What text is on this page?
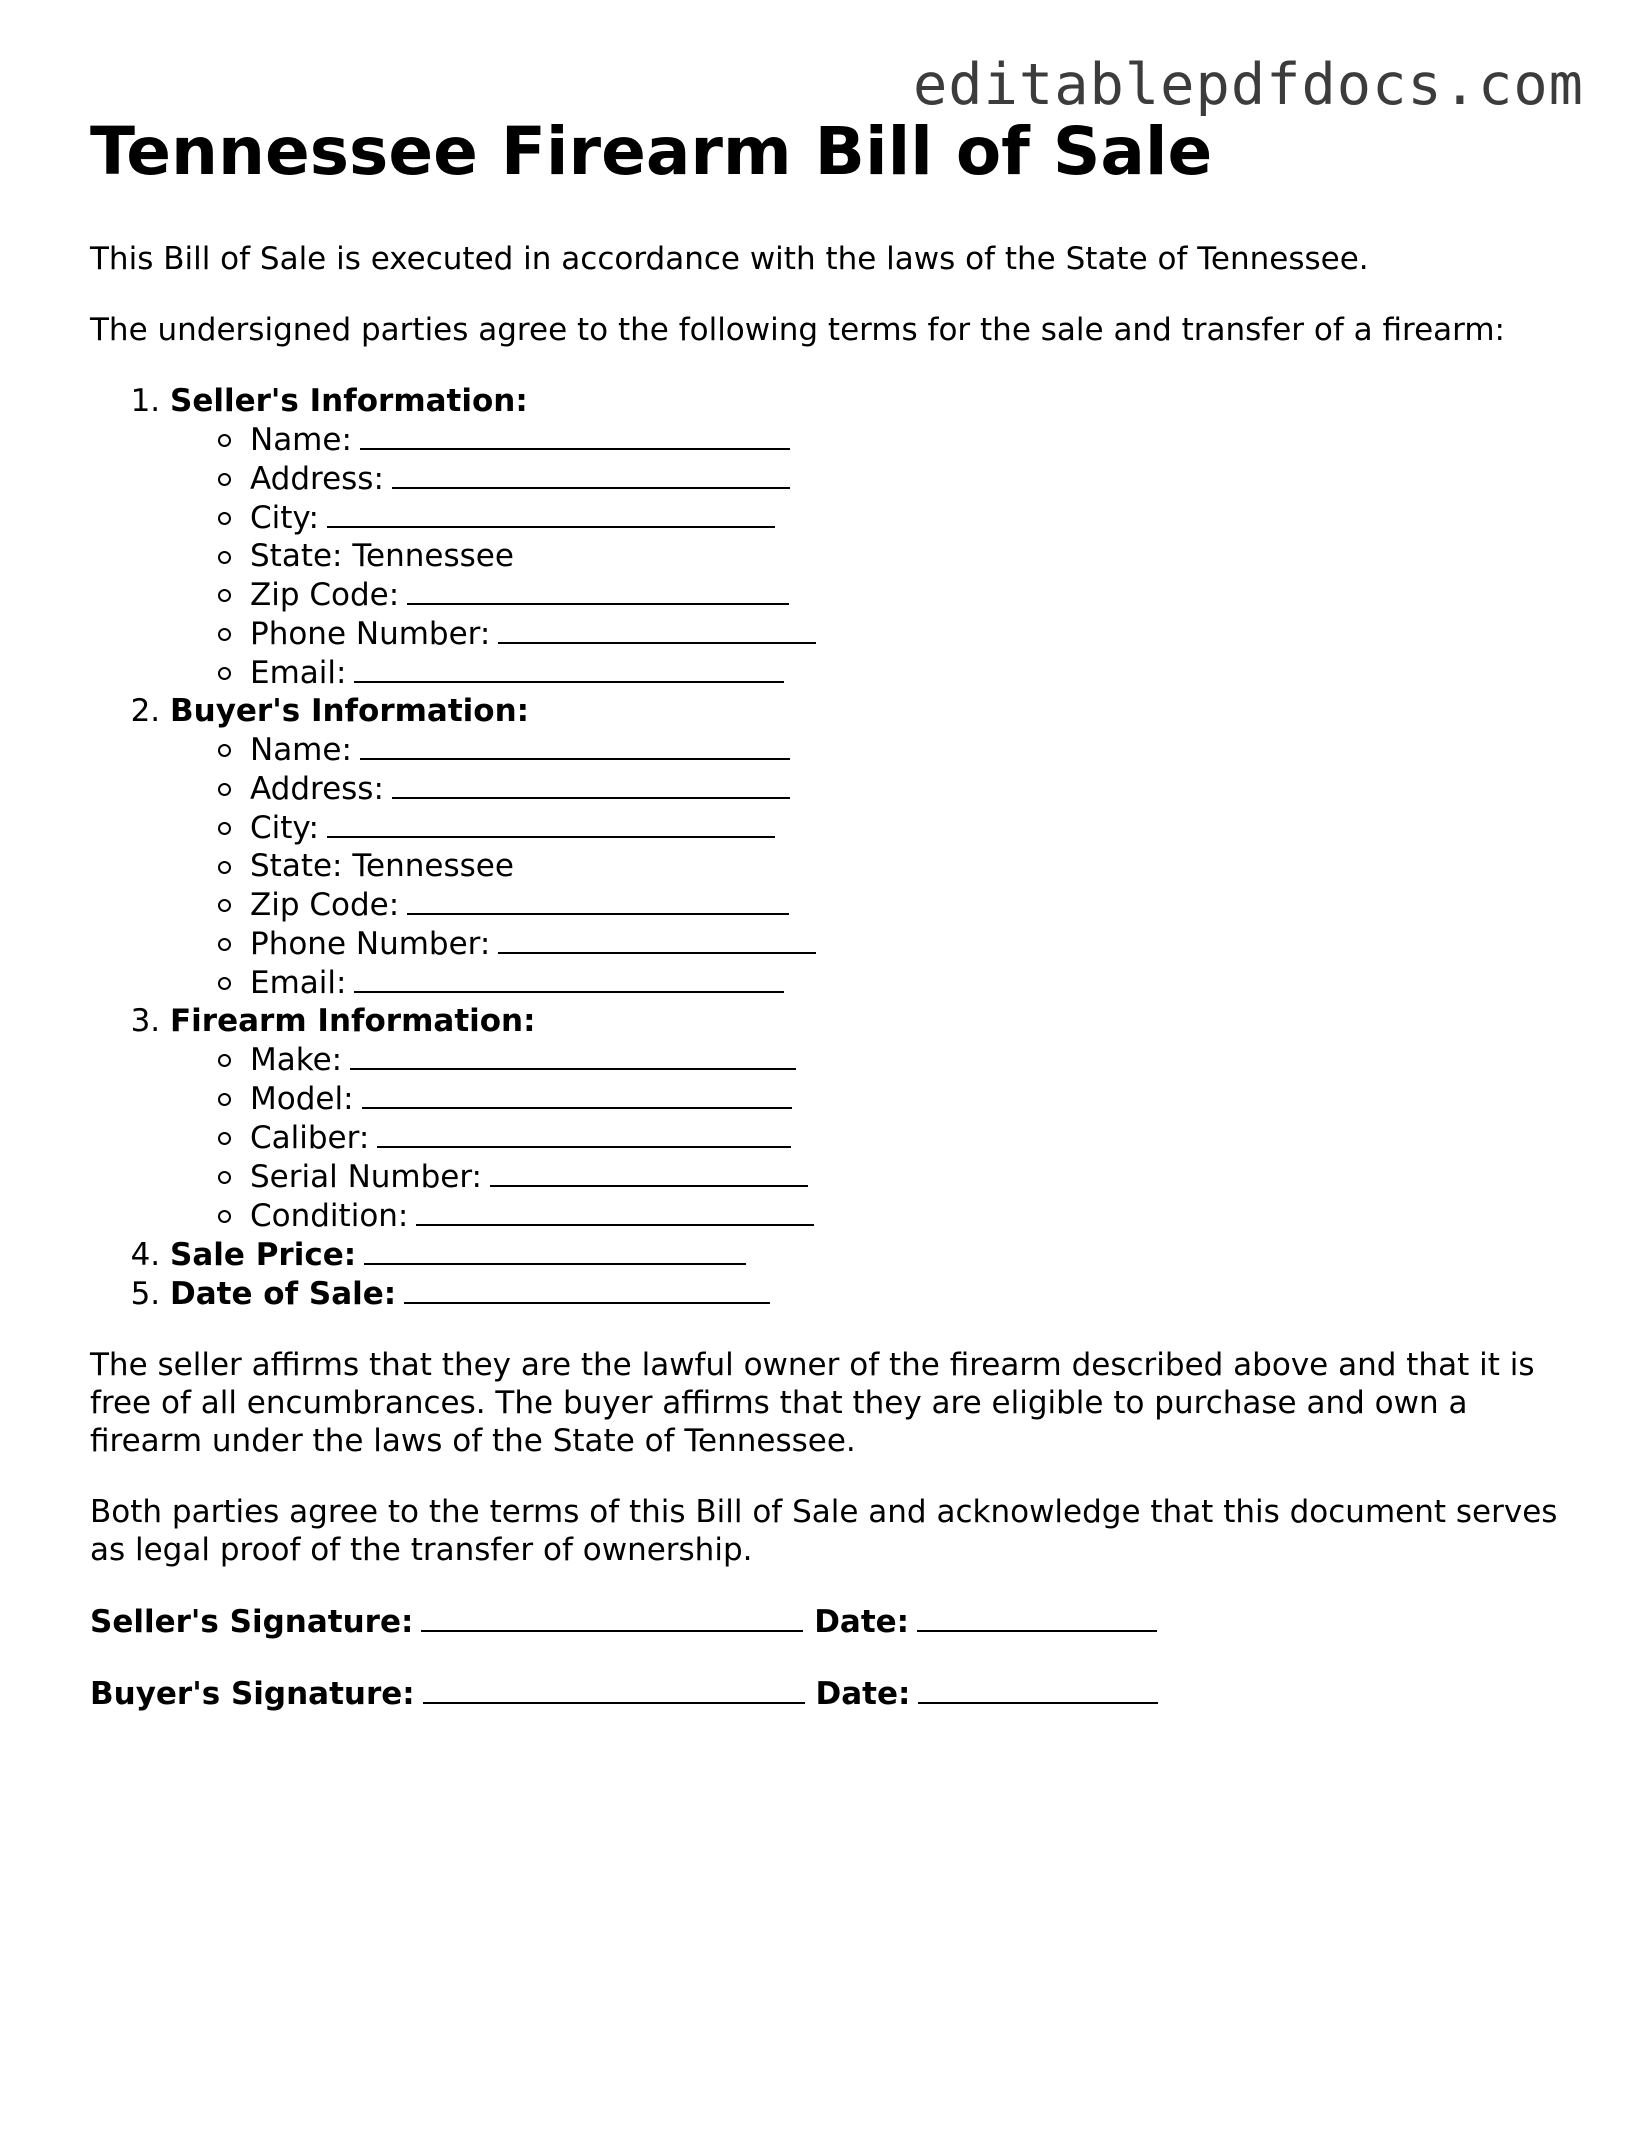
editablepdfdocs.com
Tennessee Firearm Bill of Sale

This Bill of Sale is executed in accordance with the laws of the State of Tennessee.

The undersigned parties agree to the following terms for the sale and transfer of a firearm:

1. Seller's Information:
Name:
Address:
City:
State: Tennessee
Zip Code:
Phone Number:
Email:
2. Buyer's Information:
Name:
Address:
City:
State: Tennessee
Zip Code:
Phone Number:
Email:
3. Firearm Information:
Make:
Model:
Caliber:
Serial Number:
Condition:
4. Sale Price:
5. Date of Sale:

The seller affirms that they are the lawful owner of the firearm described above and that it is free of all encumbrances. The buyer affirms that they are eligible to purchase and own a firearm under the laws of the State of Tennessee.

Both parties agree to the terms of this Bill of Sale and acknowledge that this document serves as legal proof of the transfer of ownership.

Seller's Signature:	Date:

Buyer's Signature:	Date:
